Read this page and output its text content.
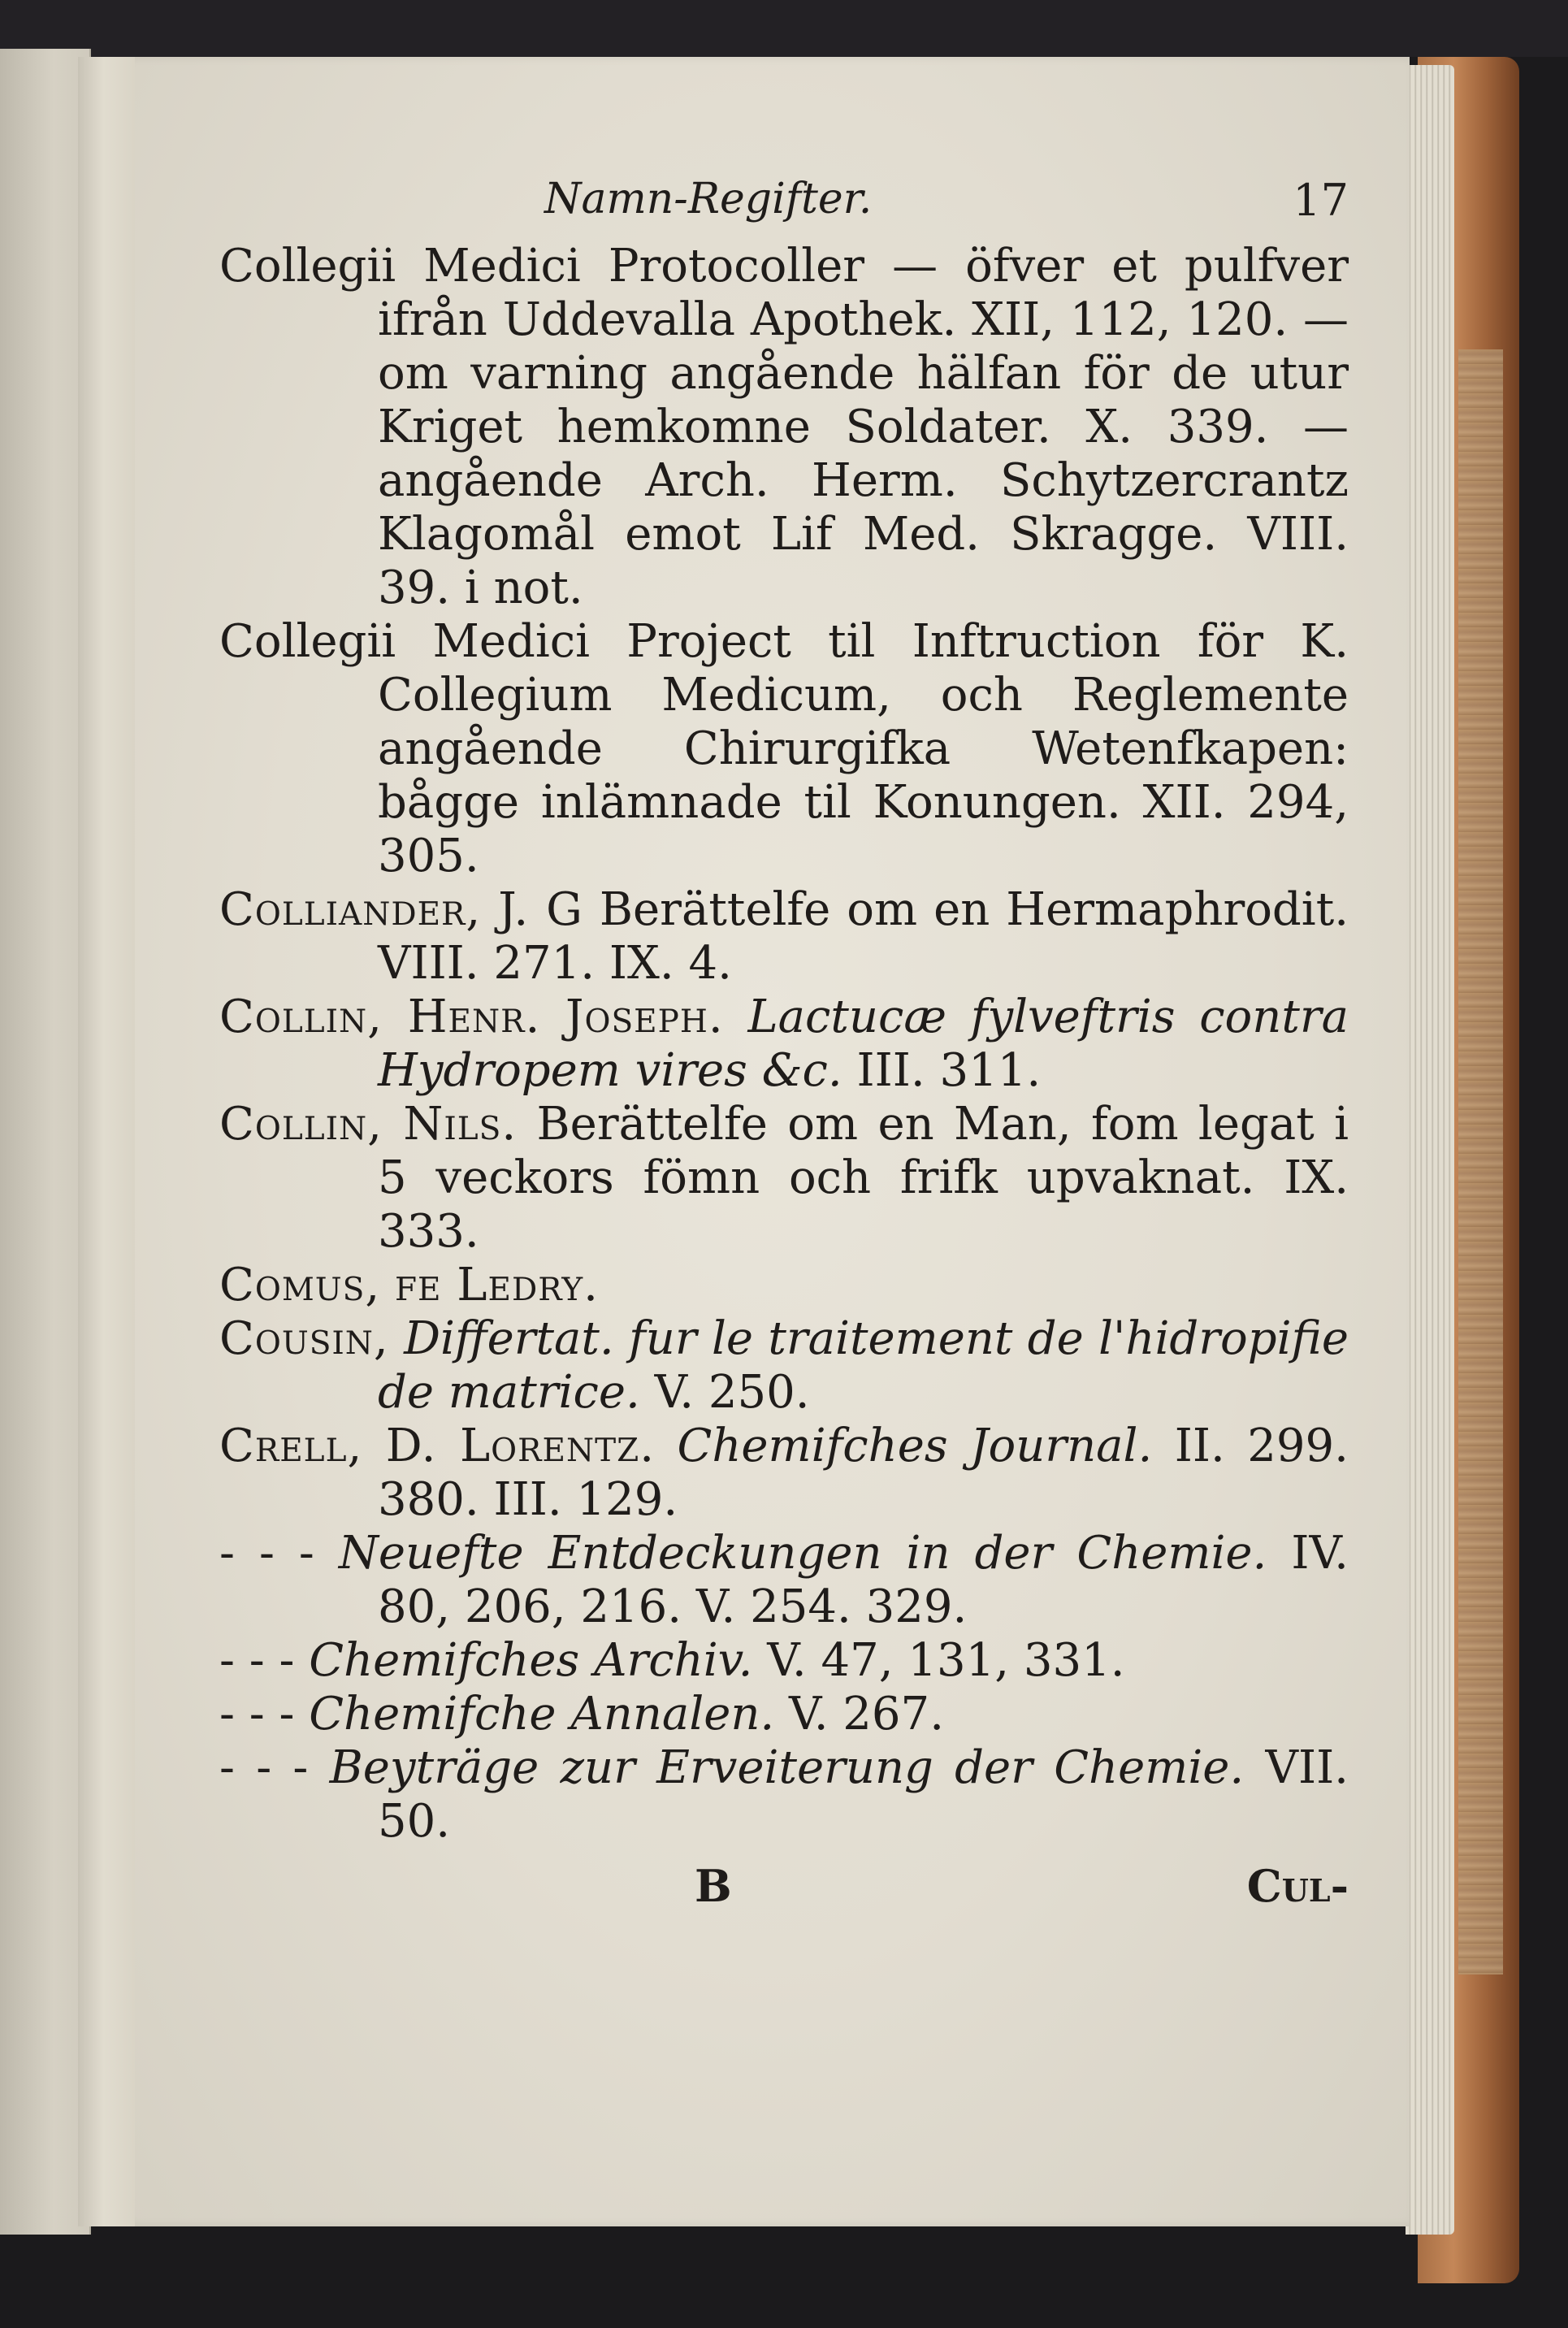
Namn-Regifter.	17

Collegii Medici Protocoller — öfver et pulfver ifrån Uddevalla Apothek. XII, 112, 120. — om varning angående hälfan för de utur Kriget hemkomne Soldater. X. 339. — angående Arch. Herm. Schytzercrantz Klagomål emot Lif Med. Skragge. VIII. 39. i not.

Collegii Medici Project til Inftruction för K. Collegium Medicum, och Reglemente angående Chirurgifka Wetenfkapen: bågge inlämnade til Konungen. XII. 294, 305.

Colliander, J. G Berättelfe om en Hermaphrodit. VIII. 271. IX. 4.

Collin, Henr. Joseph. Lactucæ fylveftris contra Hydropem vires &c. III. 311.

Collin, Nils. Berättelfe om en Man, fom legat i 5 veckors fömn och frifk upvaknat. IX. 333.

Comus, fe Ledry.

Cousin, Differtat. fur le traitement de l'hidropifie de matrice. V. 250.

Crell, D. Lorentz. Chemifches Journal. II. 299. 380. III. 129.

- - - Neuefte Entdeckungen in der Chemie. IV. 80, 206, 216. V. 254. 329.

- - - Chemifches Archiv. V. 47, 131, 331.

- - - Chemifche Annalen. V. 267.

- - - Beyträge zur Erveiterung der Chemie. VII. 50.

B	Cul-
